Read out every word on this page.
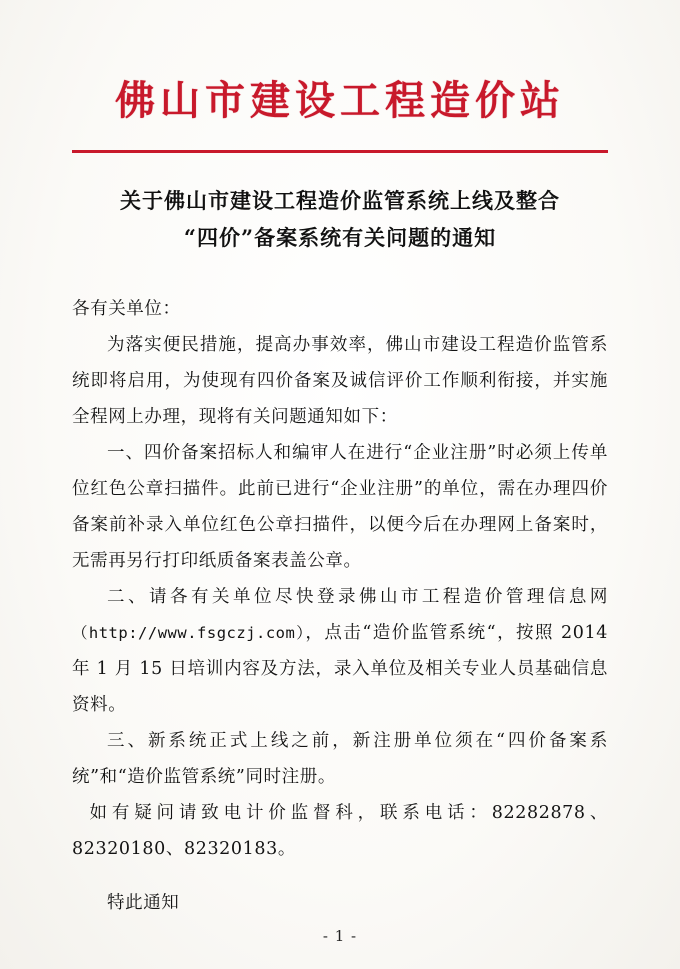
佛山市建设工程造价站
关于佛山市建设工程造价监管系统上线及整合
“四价”备案系统有关问题的通知

各有关单位：

为落实便民措施，提高办事效率，佛山市建设工程造价监管系统即将启用，为使现有四价备案及诚信评价工作顺利衔接，并实施全程网上办理，现将有关问题通知如下：

一、四价备案招标人和编审人在进行“企业注册”时必须上传单位红色公章扫描件。此前已进行“企业注册”的单位，需在办理四价备案前补录入单位红色公章扫描件，以便今后在办理网上备案时，无需再另行打印纸质备案表盖公章。

二、请各有关单位尽快登录佛山市工程造价管理信息网（http://www.fsgczj.com），点击“造价监管系统“，按照 2014 年 1 月 15 日培训内容及方法，录入单位及相关专业人员基础信息资料。

三、新系统正式上线之前，新注册单位须在“四价备案系统”和“造价监管系统”同时注册。

如有疑问请致电计价监督科，联系电话：82282878、82320180、82320183。

特此通知

- 1 -
